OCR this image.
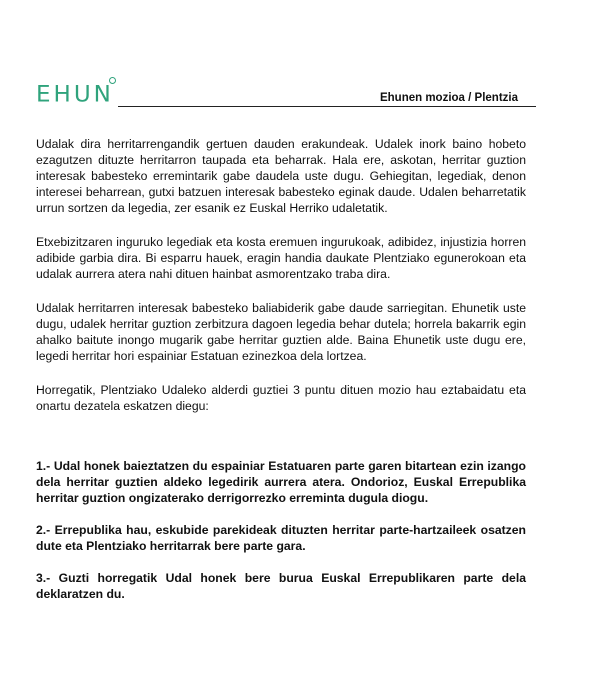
EHUN	Ehunen mozioa / Plentzia

Udalak dira herritarrengandik gertuen dauden erakundeak. Udalek inork baino hobeto ezagutzen dituzte herritarron taupada eta beharrak. Hala ere, askotan, herritar guztion interesak babesteko erremintarik gabe daudela uste dugu. Gehiegitan, legediak, denon interesei beharrean, gutxi batzuen interesak babesteko eginak daude. Udalen beharretatik urrun sortzen da legedia, zer esanik ez Euskal Herriko udaletatik.

Etxebizitzaren inguruko legediak eta kosta eremuen ingurukoak, adibidez, injustizia horren adibide garbia dira. Bi esparru hauek, eragin handia daukate Plentziako egunerokoan eta udalak aurrera atera nahi dituen hainbat asmorentzako traba dira.

Udalak herritarren interesak babesteko baliabiderik gabe daude sarriegitan. Ehunetik uste dugu, udalek herritar guztion zerbitzura dagoen legedia behar dutela; horrela bakarrik egin ahalko baitute inongo mugarik gabe herritar guztien alde. Baina Ehunetik uste dugu ere, legedi herritar hori espainiar Estatuan ezinezkoa dela lortzea.

Horregatik, Plentziako Udaleko alderdi guztiei 3 puntu dituen mozio hau eztabaidatu eta onartu dezatela eskatzen diegu:

1.- Udal honek baieztatzen du espainiar Estatuaren parte garen bitartean ezin izango dela herritar guztien aldeko legedirik aurrera atera. Ondorioz, Euskal Errepublika herritar guztion ongizaterako derrigorrezko erreminta dugula diogu.

2.- Errepublika hau, eskubide parekideak dituzten herritar parte-hartzaileek osatzen dute eta Plentziako herritarrak bere parte gara.

3.- Guzti horregatik Udal honek bere burua Euskal Errepublikaren parte dela deklaratzen du.
